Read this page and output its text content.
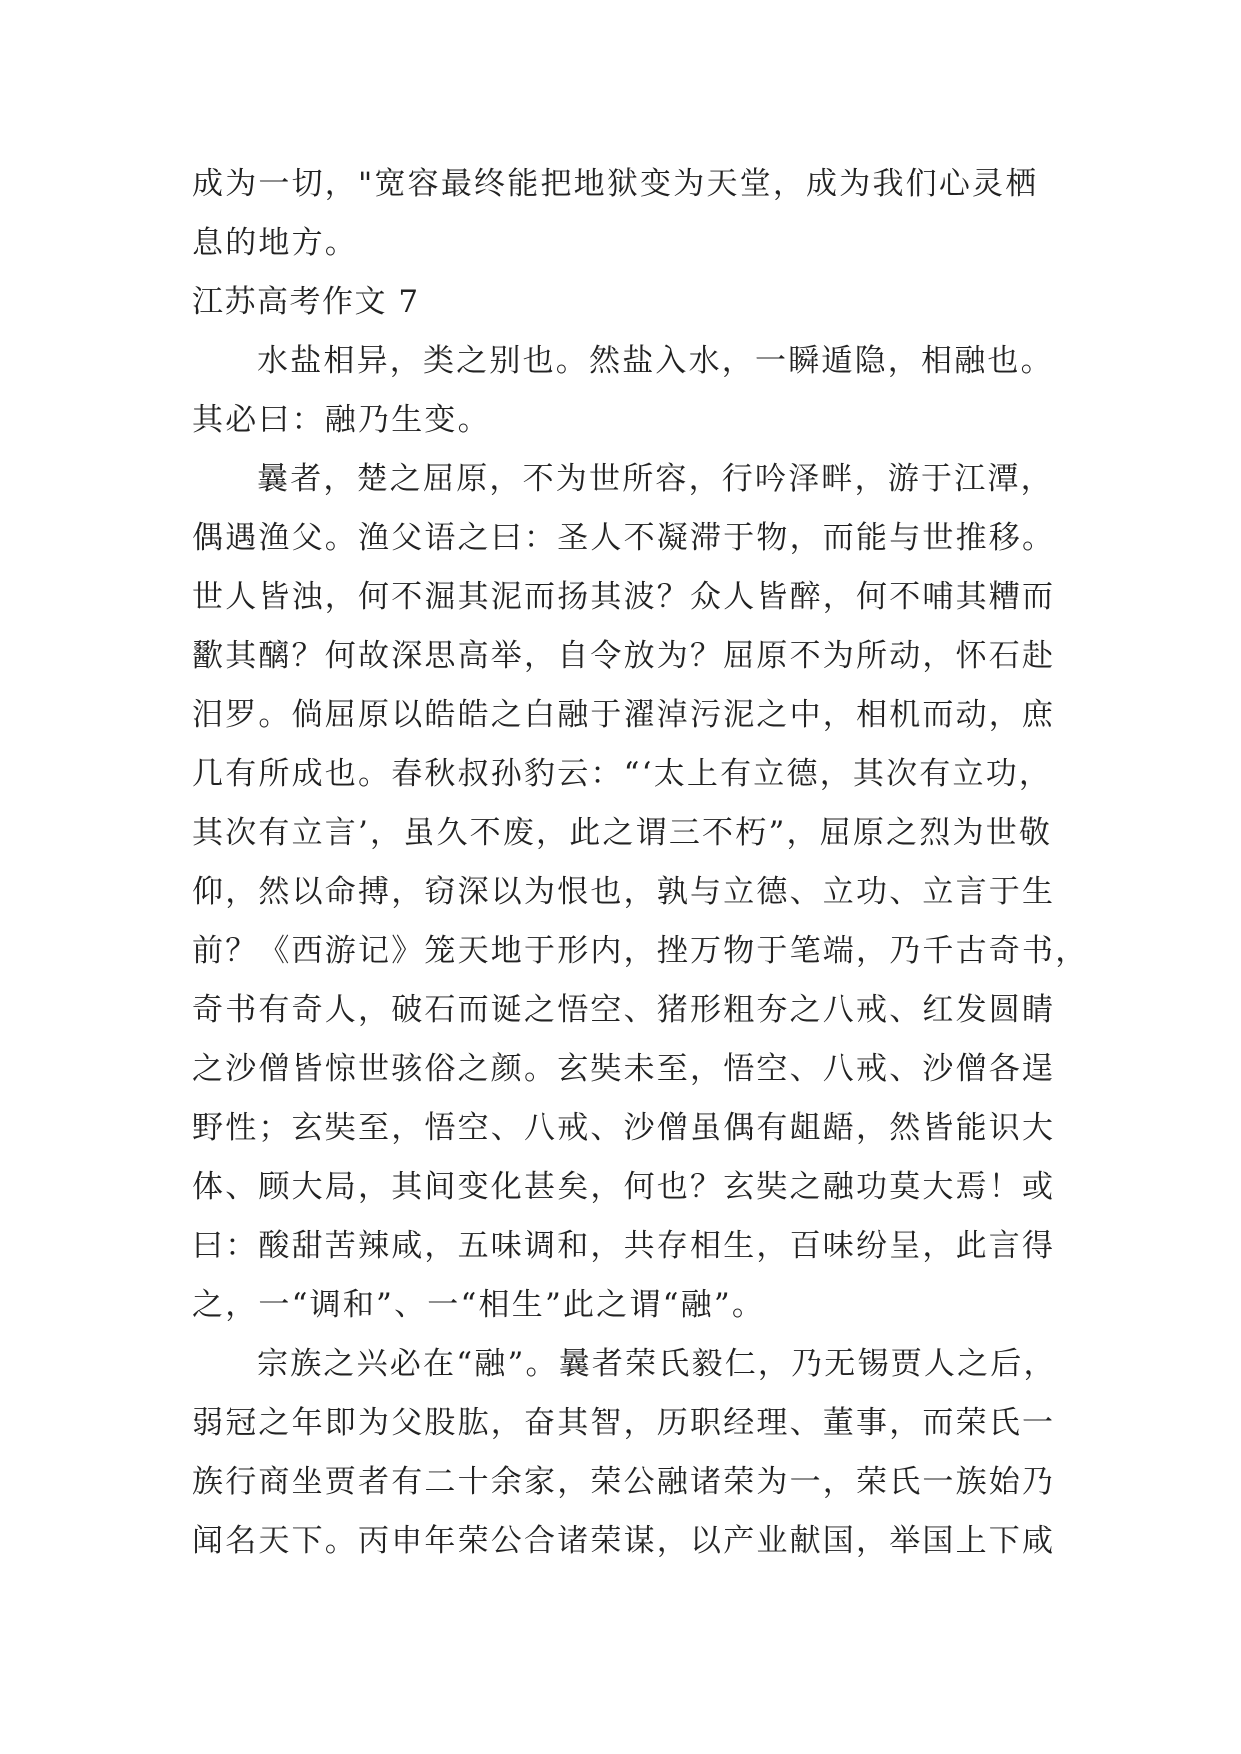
成为一切，"宽容最终能把地狱变为天堂，成为我们心灵栖
息的地方。
江苏高考作文 7
水盐相异，类之别也。然盐入水，一瞬遁隐，相融也。
其必曰：融乃生变。
曩者，楚之屈原，不为世所容，行吟泽畔，游于江潭，
偶遇渔父。渔父语之曰：圣人不凝滞于物，而能与世推移。
世人皆浊，何不淈其泥而扬其波？众人皆醉，何不哺其糟而
歠其醨？何故深思高举，自令放为？屈原不为所动，怀石赴
汨罗。倘屈原以皓皓之白融于濯淖污泥之中，相机而动，庶
几有所成也。春秋叔孙豹云：“‘太上有立德，其次有立功，
其次有立言’，虽久不废，此之谓三不朽”，屈原之烈为世敬
仰，然以命搏，窃深以为恨也，孰与立德、立功、立言于生
前？《西游记》笼天地于形内，挫万物于笔端，乃千古奇书，
奇书有奇人，破石而诞之悟空、猪形粗夯之八戒、红发圆睛
之沙僧皆惊世骇俗之颜。玄奘未至，悟空、八戒、沙僧各逞
野性；玄奘至，悟空、八戒、沙僧虽偶有龃龉，然皆能识大
体、顾大局，其间变化甚矣，何也？玄奘之融功莫大焉！或
曰：酸甜苦辣咸，五味调和，共存相生，百味纷呈，此言得
之，一“调和”、一“相生”此之谓“融”。
宗族之兴必在“融”。曩者荣氏毅仁，乃无锡贾人之后，
弱冠之年即为父股肱，奋其智，历职经理、董事，而荣氏一
族行商坐贾者有二十余家，荣公融诸荣为一，荣氏一族始乃
闻名天下。丙申年荣公合诸荣谋，以产业献国，举国上下咸
